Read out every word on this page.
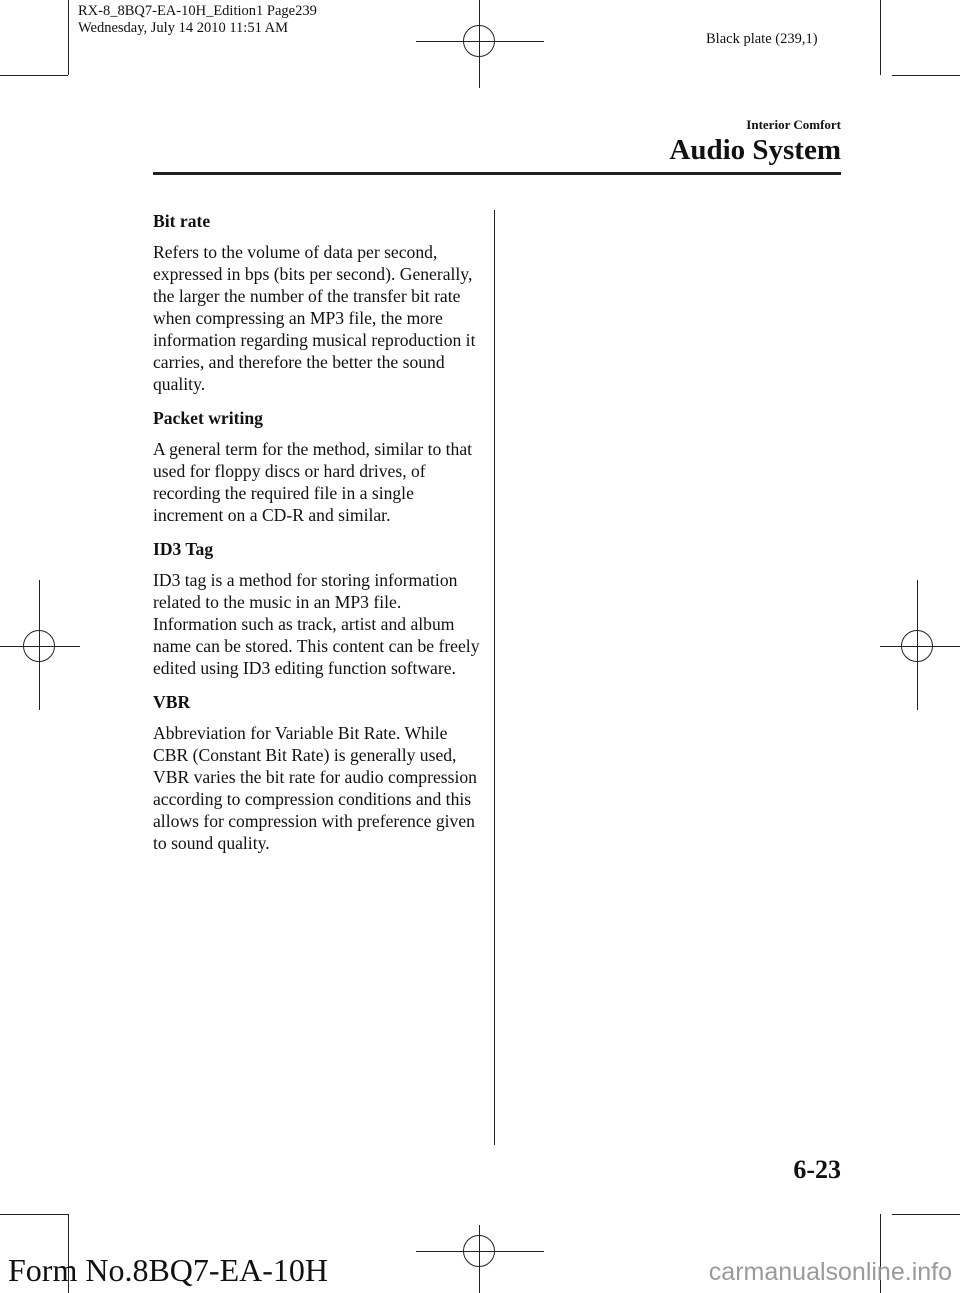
RX-8_8BQ7-EA-10H_Edition1 Page239
Wednesday, July 14 2010 11:51 AM
Black plate (239,1)
Interior Comfort
Audio System
Bit rate
Refers to the volume of data per second, expressed in bps (bits per second). Generally, the larger the number of the transfer bit rate when compressing an MP3 file, the more information regarding musical reproduction it carries, and therefore the better the sound quality.
Packet writing
A general term for the method, similar to that used for floppy discs or hard drives, of recording the required file in a single increment on a CD-R and similar.
ID3 Tag
ID3 tag is a method for storing information related to the music in an MP3 file. Information such as track, artist and album name can be stored. This content can be freely edited using ID3 editing function software.
VBR
Abbreviation for Variable Bit Rate. While CBR (Constant Bit Rate) is generally used, VBR varies the bit rate for audio compression according to compression conditions and this allows for compression with preference given to sound quality.
6-23
Form No.8BQ7-EA-10H	carmanualsonline.info
